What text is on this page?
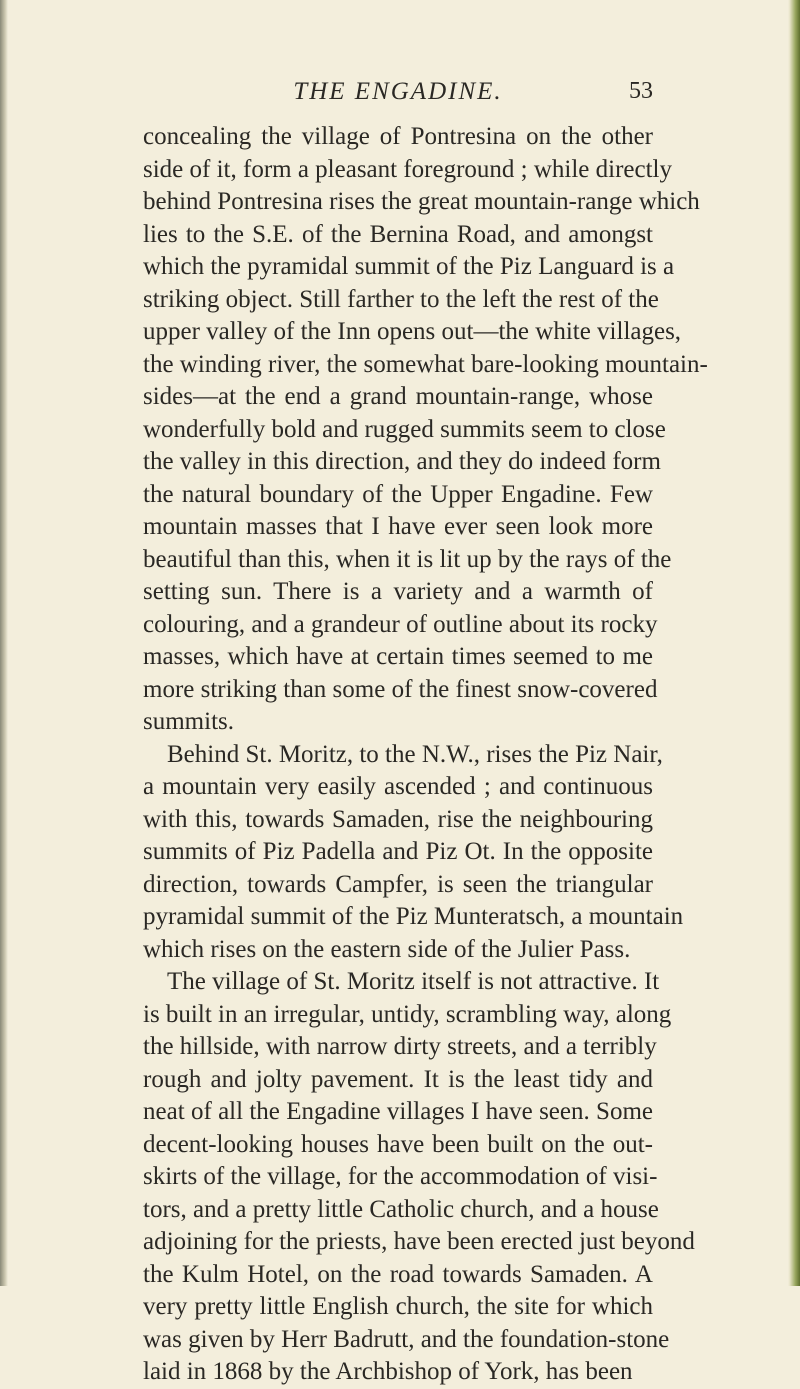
THE ENGADINE.	53
concealing the village of Pontresina on the other
side of it, form a pleasant foreground ; while directly
behind Pontresina rises the great mountain-range which
lies to the S.E. of the Bernina Road, and amongst
which the pyramidal summit of the Piz Languard is a
striking object. Still farther to the left the rest of the
upper valley of the Inn opens out—the white villages,
the winding river, the somewhat bare-looking mountain-
sides—at the end a grand mountain-range, whose
wonderfully bold and rugged summits seem to close
the valley in this direction, and they do indeed form
the natural boundary of the Upper Engadine. Few
mountain masses that I have ever seen look more
beautiful than this, when it is lit up by the rays of the
setting sun. There is a variety and a warmth of
colouring, and a grandeur of outline about its rocky
masses, which have at certain times seemed to me
more striking than some of the finest snow-covered
summits.
Behind St. Moritz, to the N.W., rises the Piz Nair,
a mountain very easily ascended ; and continuous
with this, towards Samaden, rise the neighbouring
summits of Piz Padella and Piz Ot. In the opposite
direction, towards Campfer, is seen the triangular
pyramidal summit of the Piz Munteratsch, a mountain
which rises on the eastern side of the Julier Pass.
The village of St. Moritz itself is not attractive. It
is built in an irregular, untidy, scrambling way, along
the hillside, with narrow dirty streets, and a terribly
rough and jolty pavement. It is the least tidy and
neat of all the Engadine villages I have seen. Some
decent-looking houses have been built on the out-
skirts of the village, for the accommodation of visi-
tors, and a pretty little Catholic church, and a house
adjoining for the priests, have been erected just beyond
the Kulm Hotel, on the road towards Samaden. A
very pretty little English church, the site for which
was given by Herr Badrutt, and the foundation-stone
laid in 1868 by the Archbishop of York, has been
